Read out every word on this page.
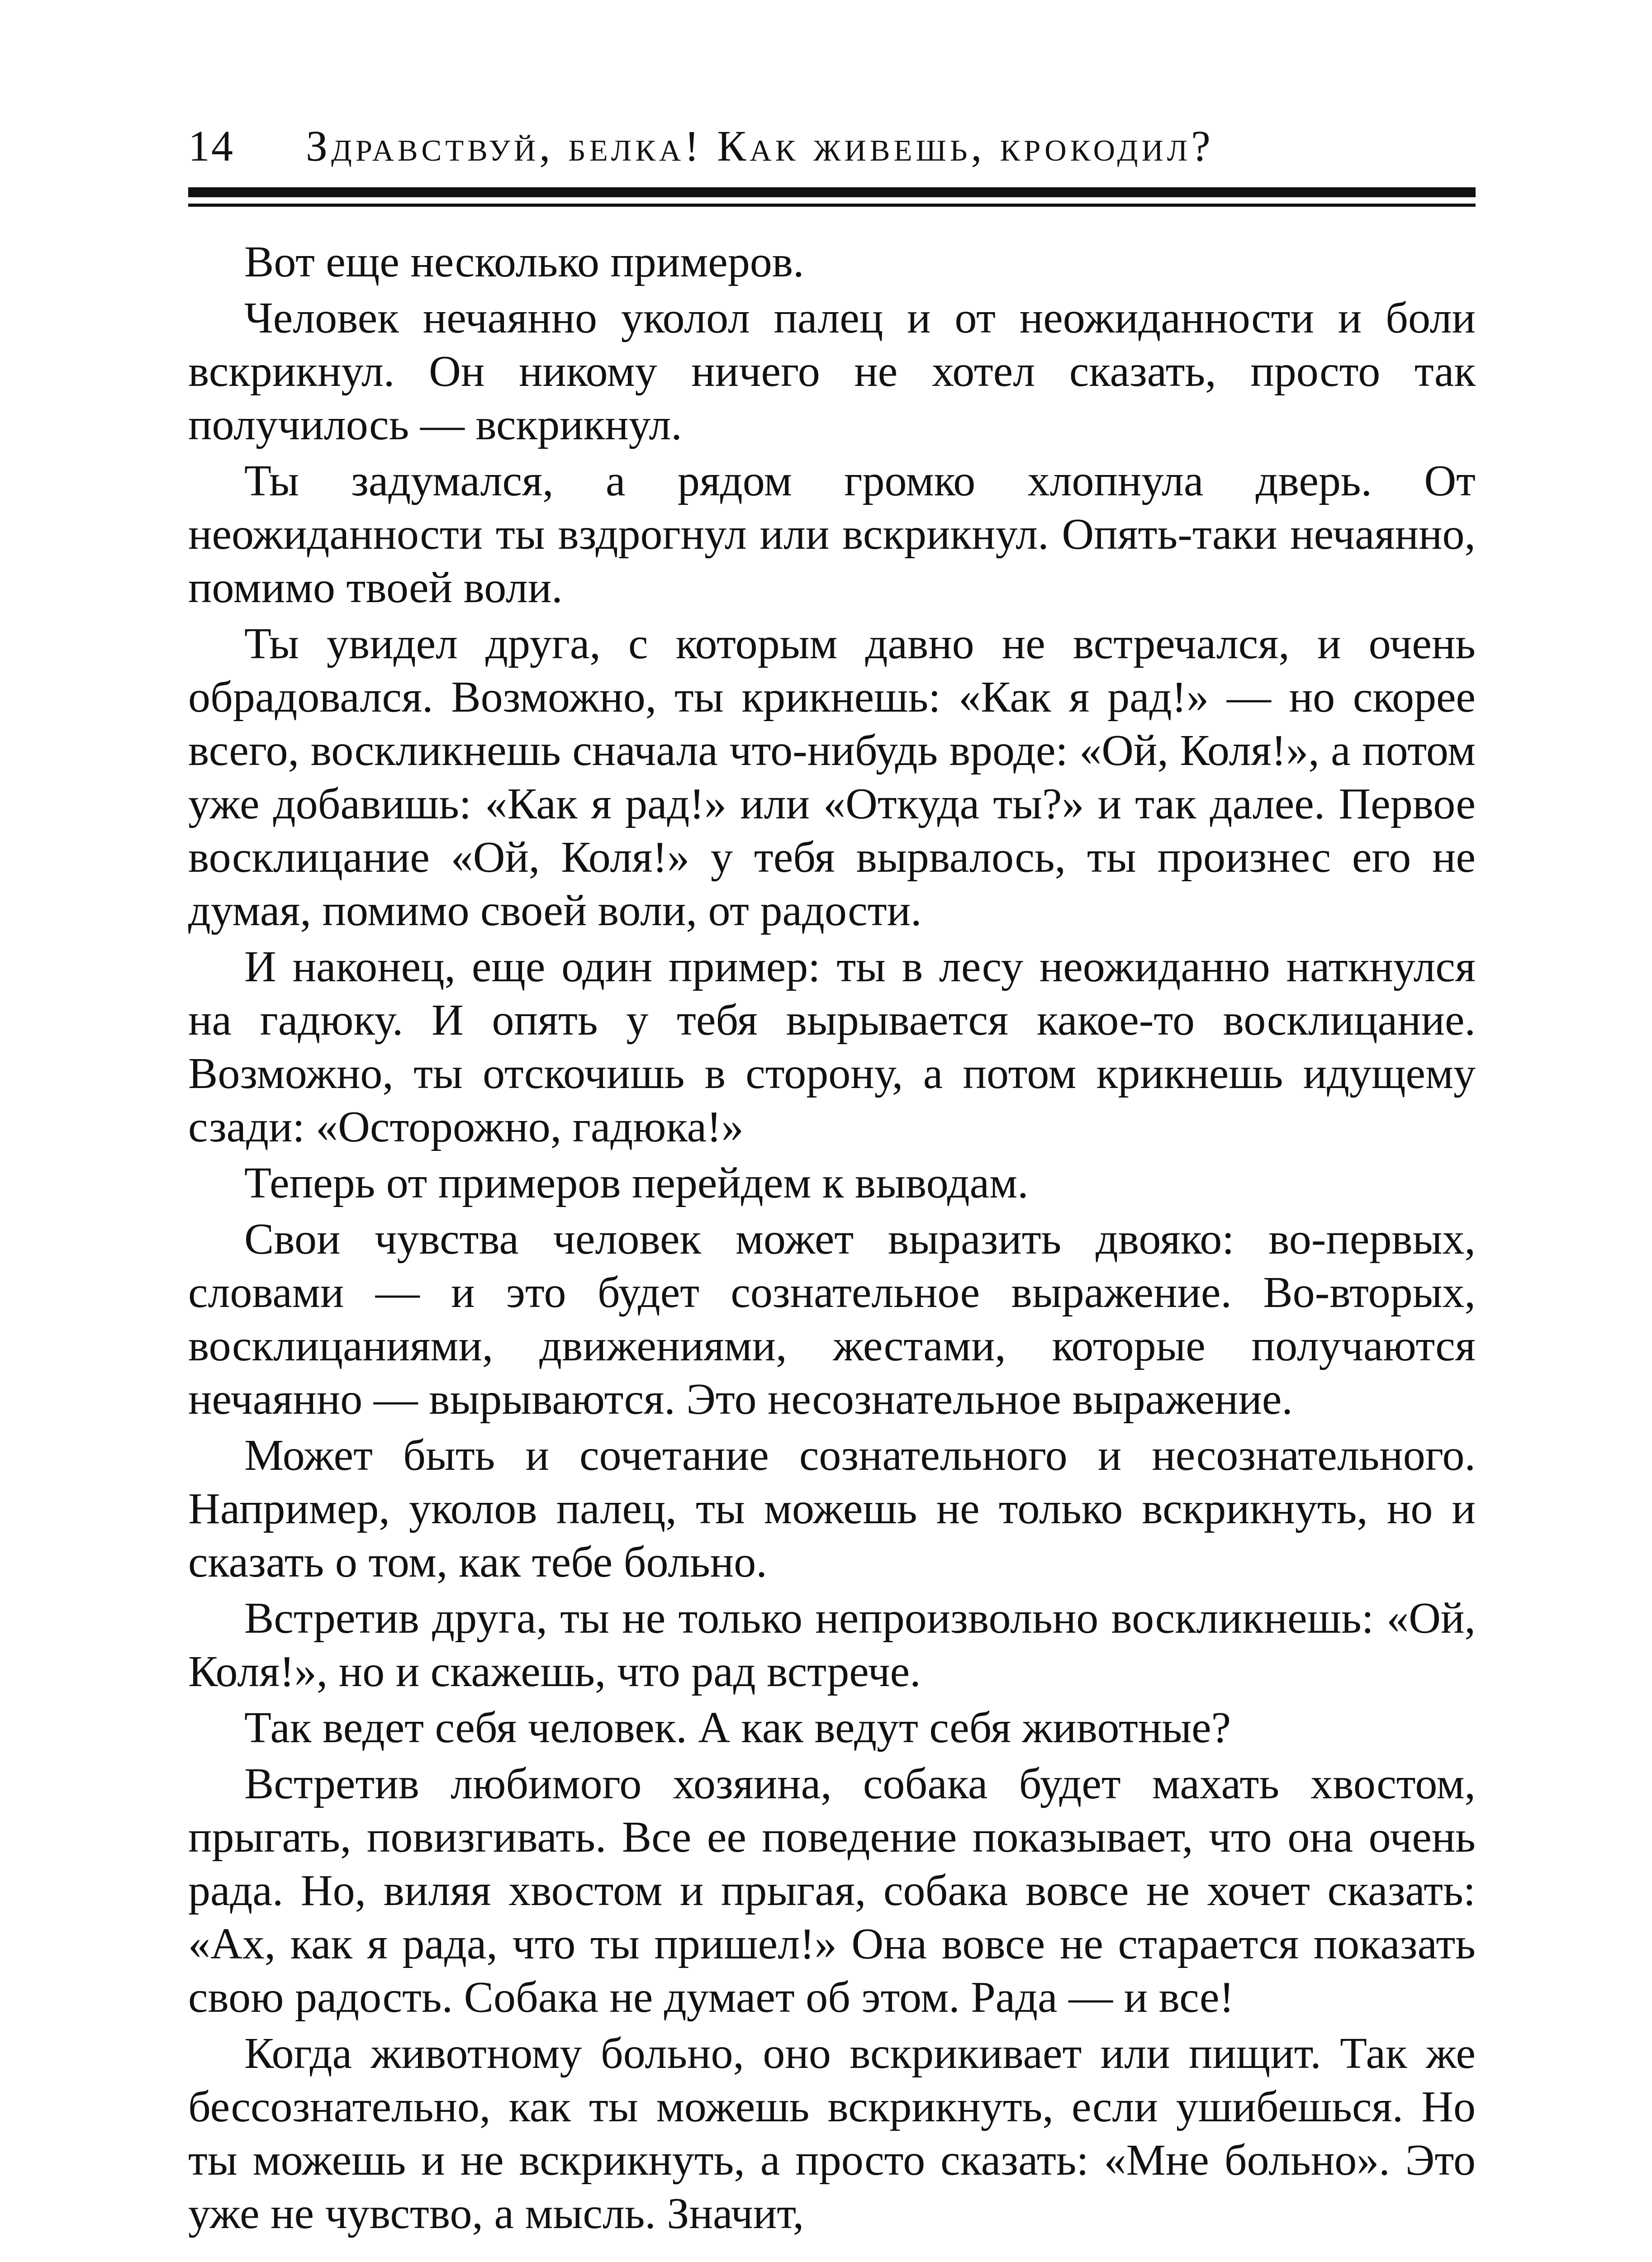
14 Здравствуй, белка! Как живешь, крокодил?

Вот еще несколько примеров.

Человек нечаянно уколол палец и от неожиданности и боли вскрикнул. Он никому ничего не хотел сказать, просто так получилось — вскрикнул.

Ты задумался, а рядом громко хлопнула дверь. От неожиданности ты вздрогнул или вскрикнул. Опять-таки нечаянно, помимо твоей воли.

Ты увидел друга, с которым давно не встречался, и очень обрадовался. Возможно, ты крикнешь: «Как я рад!» — но скорее всего, воскликнешь сначала что-нибудь вроде: «Ой, Коля!», а потом уже добавишь: «Как я рад!» или «Откуда ты?» и так далее. Первое восклицание «Ой, Коля!» у тебя вырвалось, ты произнес его не думая, помимо своей воли, от радости.

И наконец, еще один пример: ты в лесу неожиданно наткнулся на гадюку. И опять у тебя вырывается какое-то восклицание. Возможно, ты отскочишь в сторону, а потом крикнешь идущему сзади: «Осторожно, гадюка!»

Теперь от примеров перейдем к выводам.

Свои чувства человек может выразить двояко: во-первых, словами — и это будет сознательное выражение. Во-вторых, восклицаниями, движениями, жестами, которые получаются нечаянно — вырываются. Это несознательное выражение.

Может быть и сочетание сознательного и несознательного. Например, уколов палец, ты можешь не только вскрикнуть, но и сказать о том, как тебе больно.

Встретив друга, ты не только непроизвольно воскликнешь: «Ой, Коля!», но и скажешь, что рад встрече.

Так ведет себя человек. А как ведут себя животные?

Встретив любимого хозяина, собака будет махать хвостом, прыгать, повизгивать. Все ее поведение показывает, что она очень рада. Но, виляя хвостом и прыгая, собака вовсе не хочет сказать: «Ах, как я рада, что ты пришел!» Она вовсе не старается показать свою радость. Собака не думает об этом. Рада — и все!

Когда животному больно, оно вскрикивает или пищит. Так же бессознательно, как ты можешь вскрикнуть, если ушибешься. Но ты можешь и не вскрикнуть, а просто сказать: «Мне больно». Это уже не чувство, а мысль. Значит,
